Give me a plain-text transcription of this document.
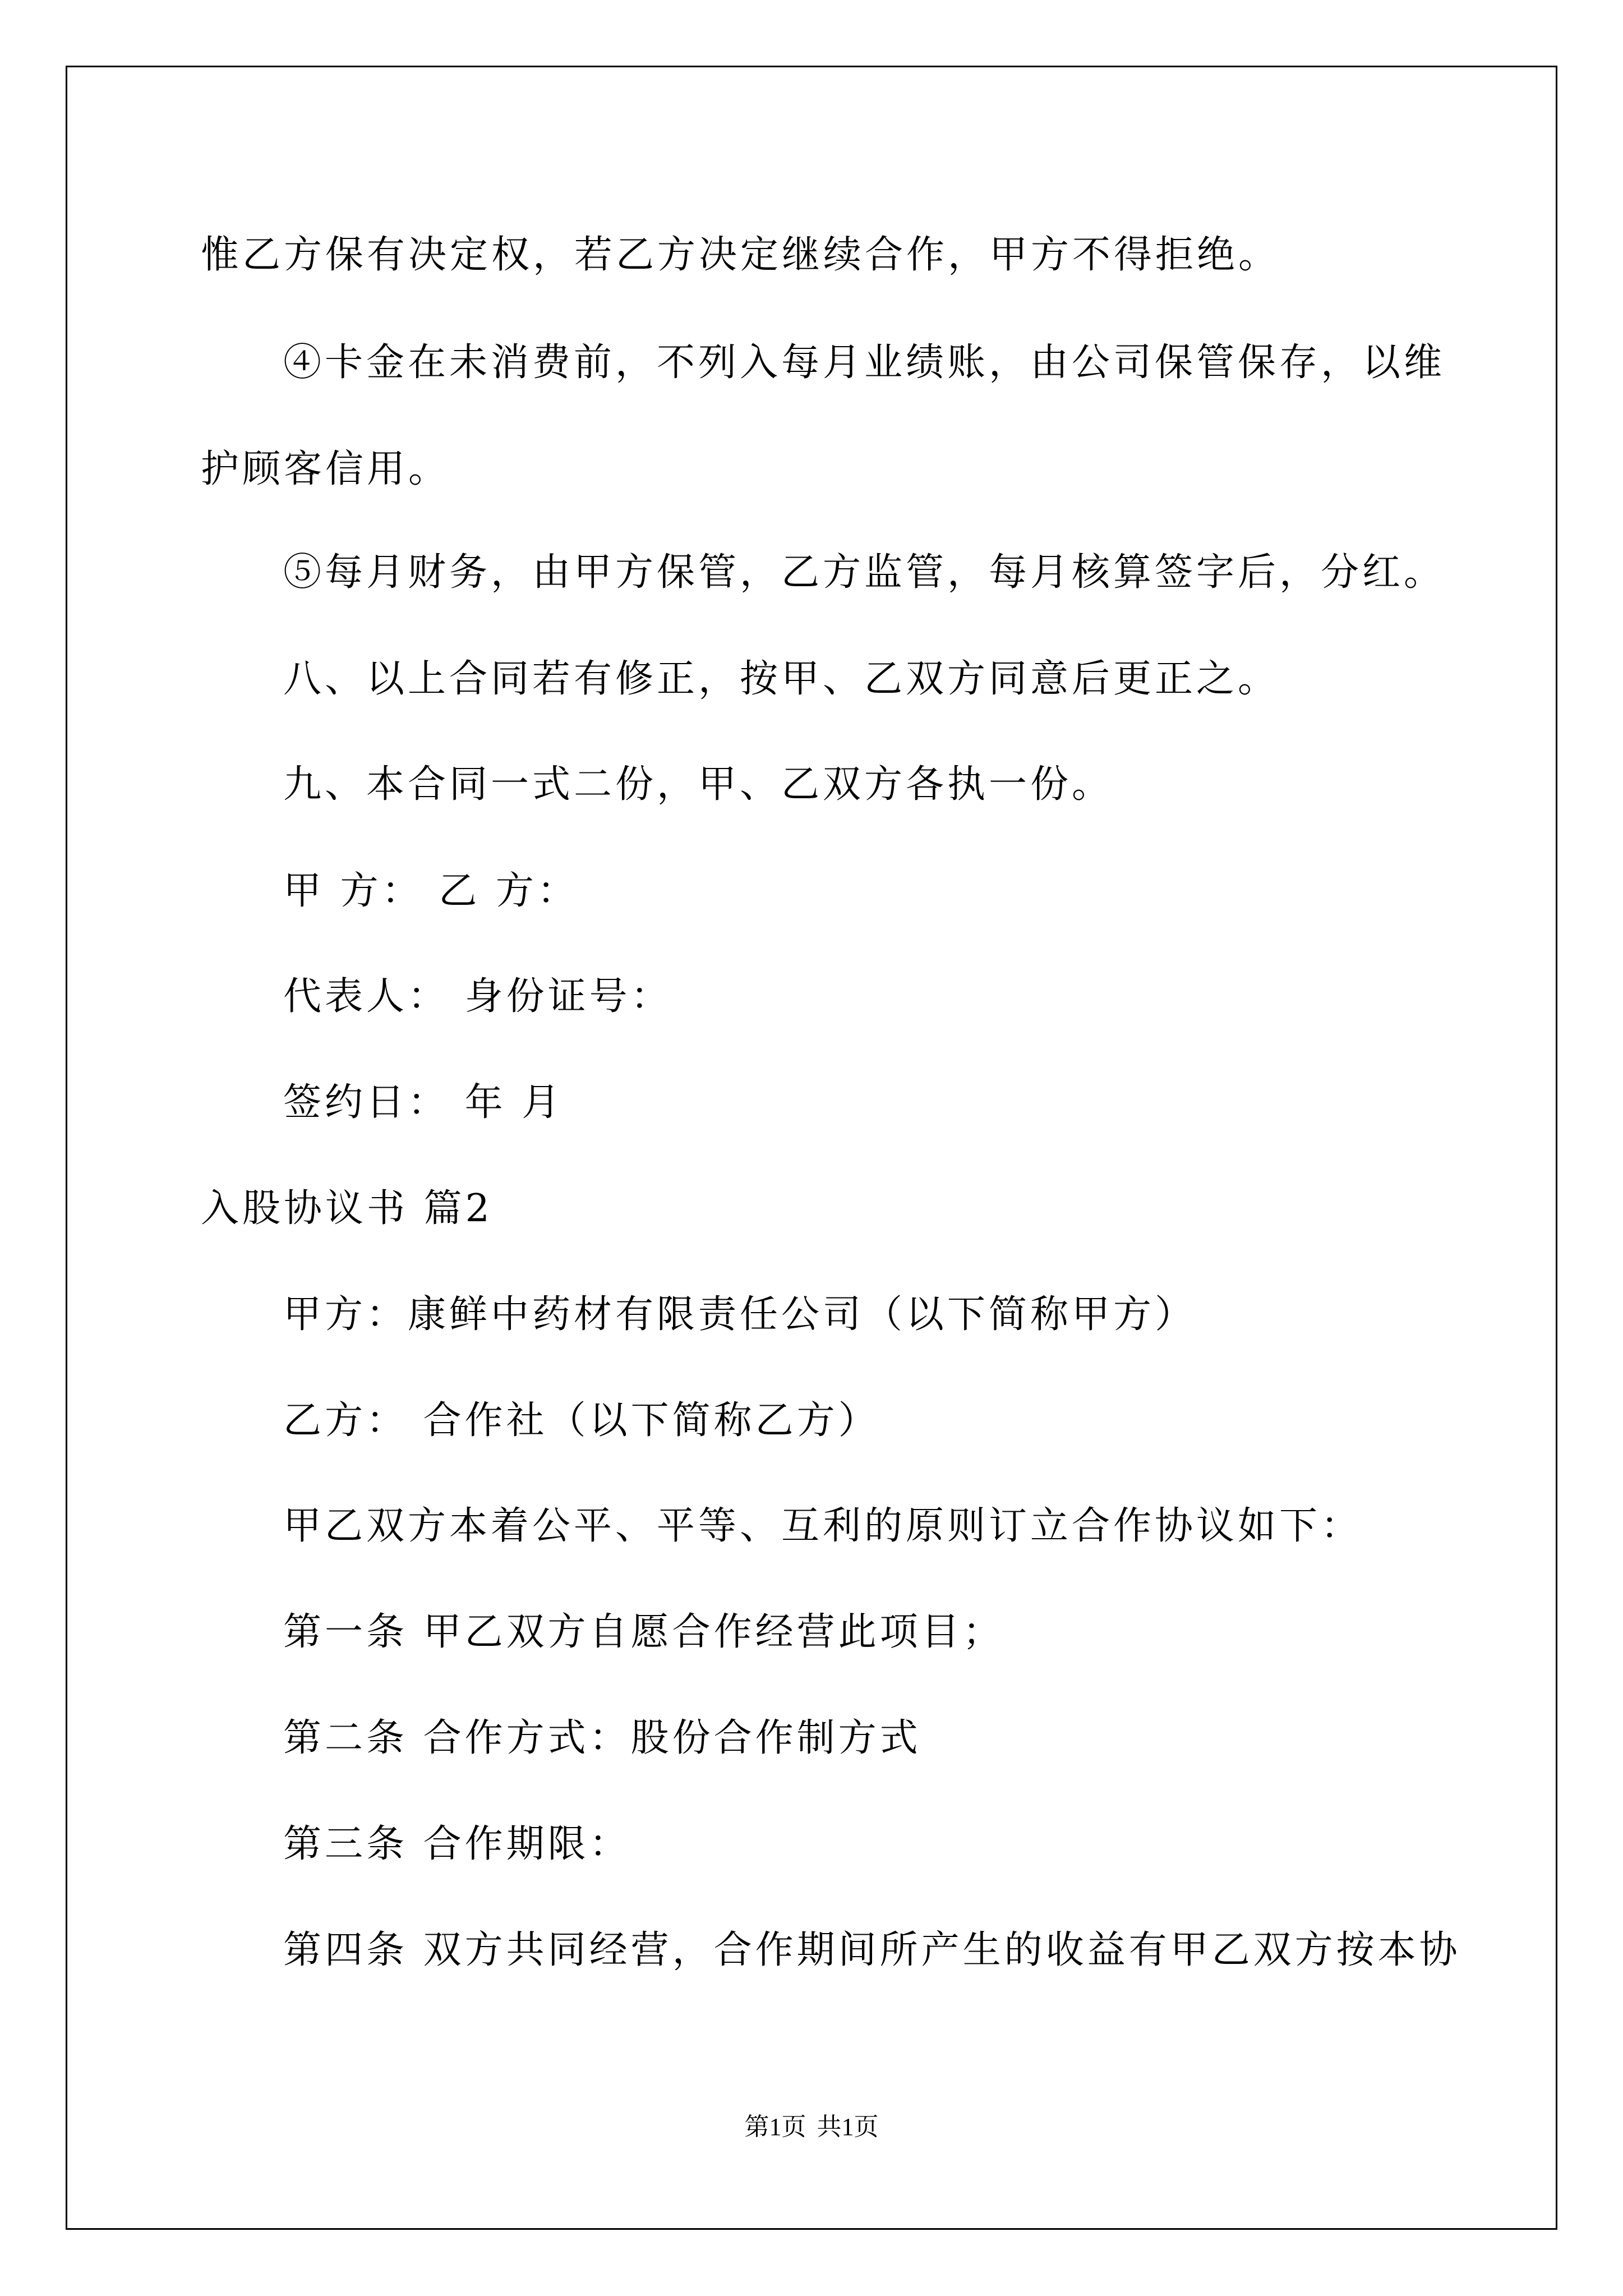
惟乙方保有决定权，若乙方决定继续合作，甲方不得拒绝。
④卡金在未消费前，不列入每月业绩账，由公司保管保存，以维
护顾客信用。
⑤每月财务，由甲方保管，乙方监管，每月核算签字后，分红。
八、以上合同若有修正，按甲、乙双方同意后更正之。
九、本合同一式二份，甲、乙双方各执一份。
甲 方： 乙 方：
代表人： 身份证号：
签约日： 年 月
入股协议书 篇2
甲方：康鲜中药材有限责任公司（以下简称甲方）
乙方： 合作社（以下简称乙方）
甲乙双方本着公平、平等、互利的原则订立合作协议如下：
第一条 甲乙双方自愿合作经营此项目；
第二条 合作方式：股份合作制方式
第三条 合作期限：
第四条 双方共同经营，合作期间所产生的收益有甲乙双方按本协
第1页 共1页
